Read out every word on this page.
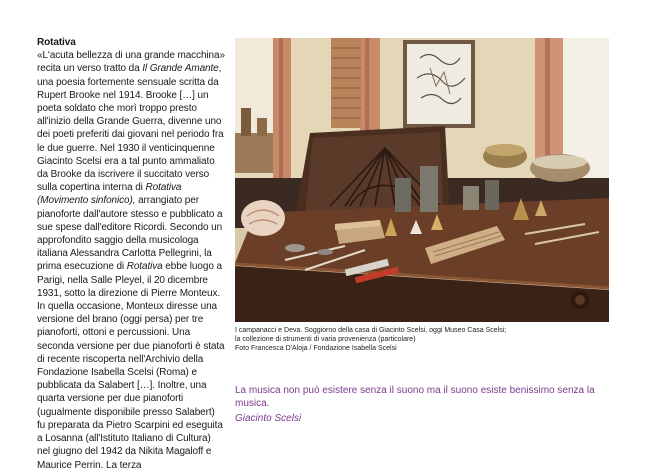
Rotativa

«L'acuta bellezza di una grande macchina» recita un verso tratto da Il Grande Amante, una poesia fortemente sensuale scritta da Rupert Brooke nel 1914. Brooke […] un poeta soldato che morì troppo presto all'inizio della Grande Guerra, divenne uno dei poeti preferiti dai giovani nel periodo fra le due guerre. Nel 1930 il venticinquenne Giacinto Scelsi era a tal punto ammaliato da Brooke da iscrivere il succitato verso sulla copertina interna di Rotativa (Movimento sinfonico), arrangiato per pianoforte dall'autore stesso e pubblicato a sue spese dall'editore Ricordi. Secondo un approfondito saggio della musicologa italiana Alessandra Carlotta Pellegrini, la prima esecuzione di Rotativa ebbe luogo a Parigi, nella Salle Pleyel, il 20 dicembre 1931, sotto la direzione di Pierre Monteux. In quella occasione, Monteux diresse una versione del brano (oggi persa) per tre pianoforti, ottoni e percussioni. Una seconda versione per due pianoforti è stata di recente riscoperta nell'Archivio della Fondazione Isabella Scelsi (Roma) e pubblicata da Salabert […]. Inoltre, una quarta versione per due pianoforti (ugualmente disponibile presso Salabert) fu preparata da Pietro Scarpini ed eseguita a Losanna (all'Istituto Italiano di Cultura) nel giugno del 1942 da Nikita Magaloff e Maurice Perrin. La terza

I campanacci e Deva. Soggiorno della casa di Giacinto Scelsi, oggi Museo Casa Scelsi;
la collezione di strumenti di varia provenienza (particolare)
Foto Francesca D'Aloja / Fondazione Isabella Scelsi
La musica non può esistere senza il suono ma il suono esiste benissimo senza la musica.
Giacinto Scelsi
